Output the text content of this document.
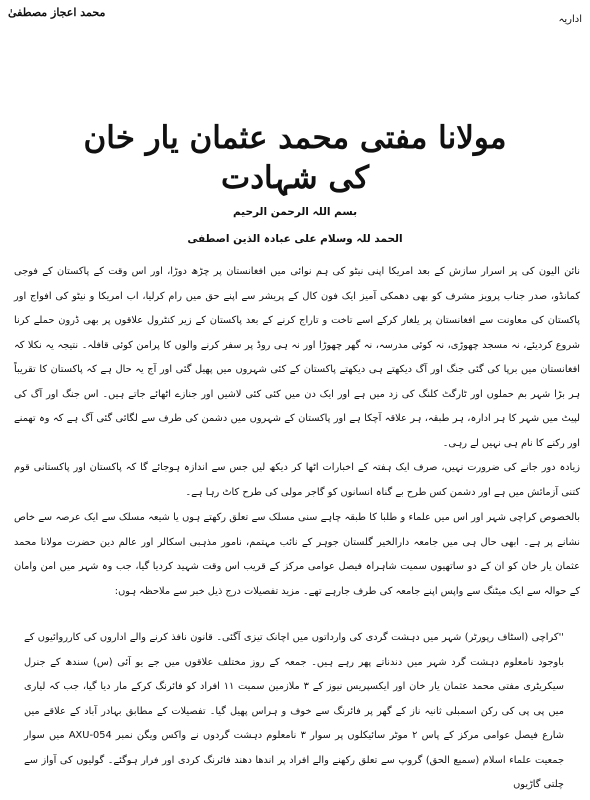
محمد اعجاز مصطفیٰ
اداریہ
مولانا مفتی محمد عثمان یار خان کی شہادت
بسم اللہ الرحمن الرحیم
الحمد للہ وسلام علی عبادہ الذین اصطفی

نائن الیون کی پر اسرار سازش کے بعد امریکا اپنی نیٹو کی ہم نوائی میں افغانستان پر چڑھ دوڑا، اور اس وقت کے پاکستان کے فوجی کمانڈو، صدر جناب پرویز مشرف کو بھی دھمکی آمیز ایک فون کال کے پریشر سے اپنے حق میں رام کرلیا، اب امریکا و نیٹو کی افواج اور پاکستان کی معاونت سے افغانستان پر یلغار کرکے اسے تاخت و تاراج کرنے کے بعد پاکستان کے زیر کنٹرول علاقوں پر بھی ڈرون حملے کرنا شروع کردیئے، نہ مسجد چھوڑی، نہ کوئی مدرسہ، نہ گھر چھوڑا اور نہ ہی روڈ پر سفر کرنے والوں کا پرامن کوئی قافلہ۔ نتیجہ یہ نکلا کہ افغانستان میں برپا کی گئی جنگ اور آگ دیکھتے ہی دیکھتے پاکستان کے کئی شہروں میں پھیل گئی اور آج یہ حال ہے کہ پاکستان کا تقریباً ہر بڑا شہر بم حملوں اور ٹارگٹ کلنگ کی زد میں ہے اور ایک دن میں کئی کئی لاشیں اور جنازے اٹھائے جاتے ہیں۔ اس جنگ اور آگ کی لپیٹ میں شہر کا ہر ادارہ، ہر طبقہ، ہر علاقہ آچکا ہے اور پاکستان کے شہروں میں دشمن کی طرف سے لگائی گئی آگ ہے کہ وہ تھمنے اور رکنے کا نام ہی نہیں لے رہی۔

زیادہ دور جانے کی ضرورت نہیں، صرف ایک ہفتہ کے اخبارات اٹھا کر دیکھ لیں جس سے اندازہ ہوجائے گا کہ پاکستان اور پاکستانی قوم کتنی آزمائش میں ہے اور دشمن کس طرح بے گناہ انسانوں کو گاجر مولی کی طرح کاٹ رہا ہے۔

بالخصوص کراچی شہر اور اس میں علماء و طلبا کا طبقہ چاہے سنی مسلک سے تعلق رکھتے ہوں یا شیعہ مسلک سے ایک عرصہ سے خاص نشانے پر ہے۔ ابھی حال ہی میں جامعہ دارالخیر گلستان جوہر کے نائب مہتمم، نامور مذہبی اسکالر اور عالم دین حضرت مولانا محمد عثمان یار خان کو ان کے دو ساتھیوں سمیت شاہراہ فیصل عوامی مرکز کے قریب اس وقت شہید کردیا گیا، جب وہ شہر میں امن وامان کے حوالہ سے ایک میٹنگ سے واپس اپنے جامعہ کی طرف جارہے تھے۔ مزید تفصیلات درج ذیل خبر سے ملاحظہ ہوں:

''کراچی (اسٹاف رپورٹر) شہر میں دہشت گردی کی وارداتوں میں اچانک تیزی آگئی۔ قانون نافذ کرنے والے اداروں کی کارروائیوں کے باوجود نامعلوم دہشت گرد شہر میں دندناتے پھر رہے ہیں۔ جمعہ کے روز مختلف علاقوں میں جے یو آئی (س) سندھ کے جنرل سیکریٹری مفتی محمد عثمان یار خان اور ایکسپریس نیوز کے ۳ ملازمین سمیت ۱۱ افراد کو فائرنگ کرکے مار دیا گیا، جب کہ لیاری میں پی پی کی رکن اسمبلی ثانیہ ناز کے گھر پر فائرنگ سے خوف و ہراس پھیل گیا۔ تفصیلات کے مطابق بہادر آباد کے علاقے میں شارع فیصل عوامی مرکز کے پاس ۲ موٹر سائیکلوں پر سوار ۳ نامعلوم دہشت گردوں نے واکس ویگن نمبر AXU-054 میں سوار جمعیت علماء اسلام (سمیع الحق) گروپ سے تعلق رکھنے والے افراد پر اندھا دھند فائرنگ کردی اور فرار ہوگئے۔ گولیوں کی آواز سے چلتی گاڑیوں
